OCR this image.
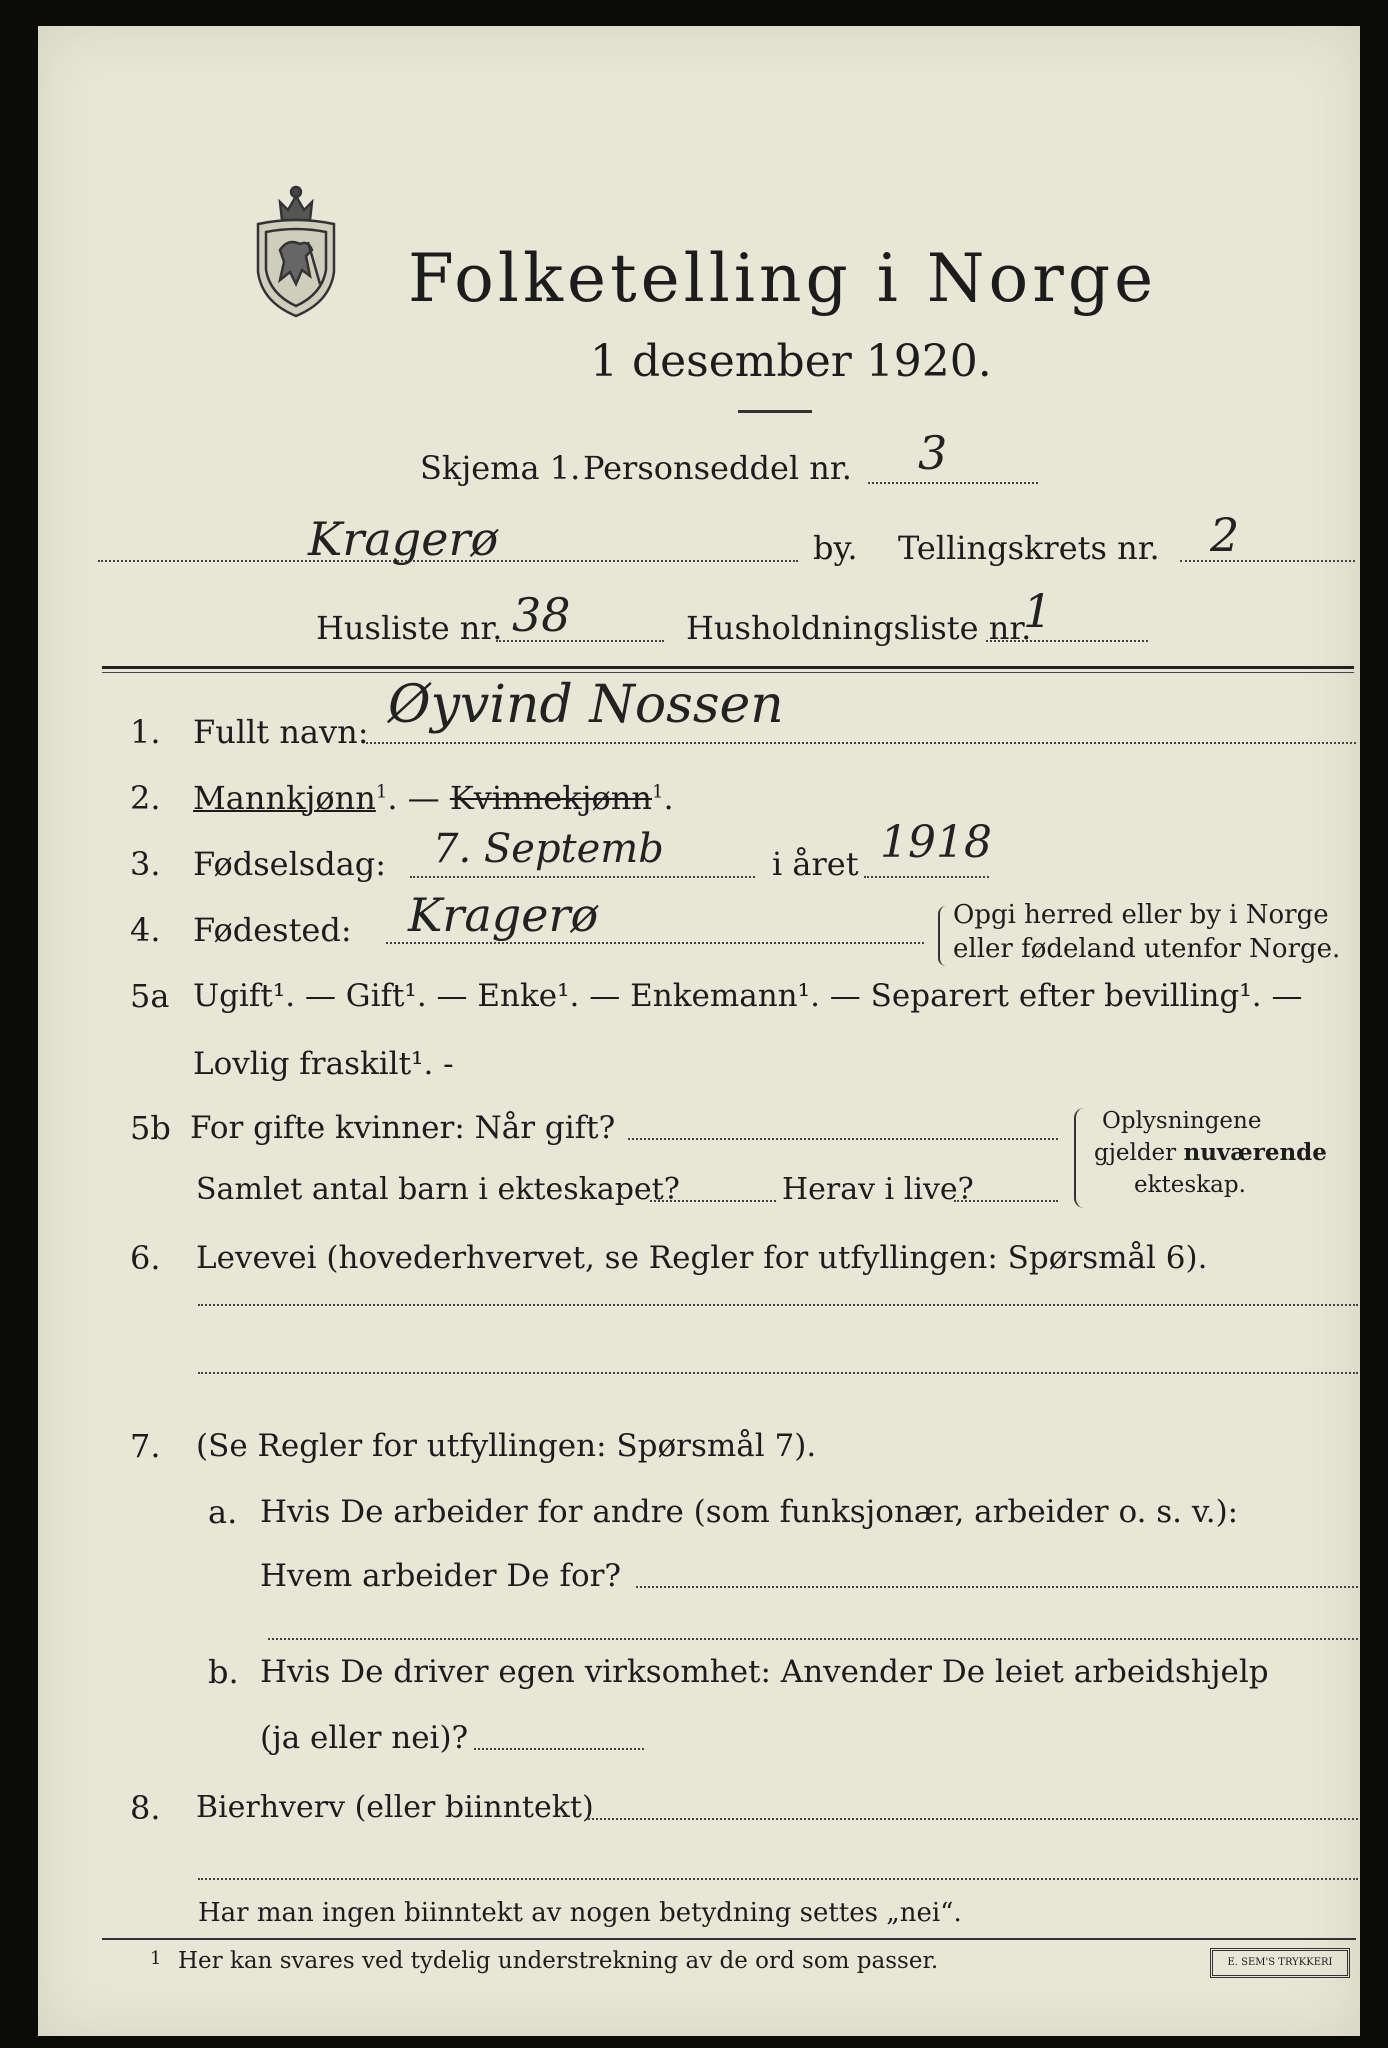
Folketelling i Norge
1 desember 1920.
Skjema 1. Personseddel nr. 3
Kragerø	by. Tellingskrets nr. 2
Husliste nr. 38	Husholdningsliste nr.
1
1. Fullt navn: Øyvind Nossen
2. Mannkjønn$^1$. — Kvinnekjønn$^1$.
3. Fødselsdag: 7. Septemb	i året 1918
4. Fødested: Kragerø	Opgi herred eller by i Norge
eller fødeland utenfor Norge.
5a Ugift¹. — Gift¹. — Enke¹. — Enkemann¹. — Separert efter bevilling¹. —
Lovlig fraskilt¹. -
5b For gifte kvinner: Når gift?
Samlet antal barn i ekteskapet?	Herav i live?
Oplysningene
gjelder nuværende
ekteskap.
6. Levevei (hovederhvervet, se Regler for utfyllingen: Spørsmål 6).
7. (Se Regler for utfyllingen: Spørsmål 7).
a. Hvis De arbeider for andre (som funksjonær, arbeider o. s. v.):
Hvem arbeider De for?
b. Hvis De driver egen virksomhet: Anvender De leiet arbeidshjelp
(ja eller nei)?
8. Bierhverv (eller biinntekt)
Har man ingen biinntekt av nogen betydning settes „nei“.
1 Her kan svares ved tydelig understrekning av de ord som passer.	E. SEM'S TRYKKERI
